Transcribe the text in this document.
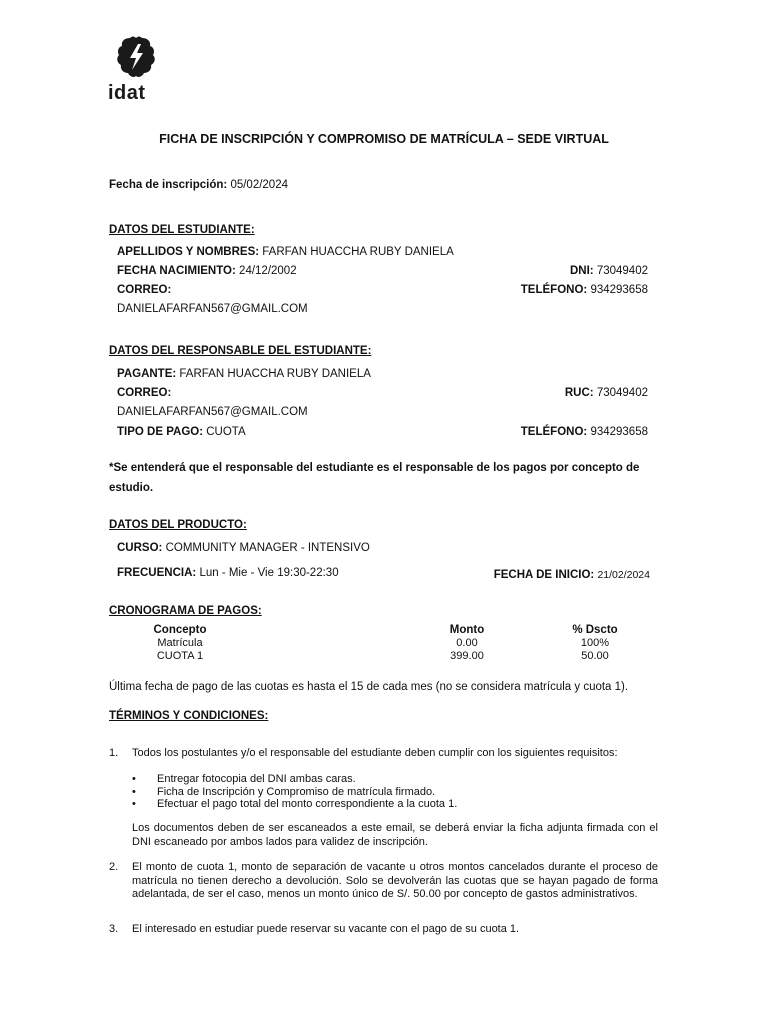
idat
FICHA DE INSCRIPCIÓN Y COMPROMISO DE MATRÍCULA – SEDE VIRTUAL
Fecha de inscripción: 05/02/2024
DATOS DEL ESTUDIANTE:
APELLIDOS Y NOMBRES: FARFAN HUACCHA RUBY DANIELA
FECHA NACIMIENTO: 24/12/2002	DNI: 73049402
CORREO:	TELÉFONO: 934293658
DANIELAFARFAN567@GMAIL.COM
DATOS DEL RESPONSABLE DEL ESTUDIANTE:
PAGANTE: FARFAN HUACCHA RUBY DANIELA
CORREO:	RUC: 73049402
DANIELAFARFAN567@GMAIL.COM
TIPO DE PAGO: CUOTA	TELÉFONO: 934293658
*Se entenderá que el responsable del estudiante es el responsable de los pagos por concepto de
estudio.
DATOS DEL PRODUCTO:
CURSO: COMMUNITY MANAGER - INTENSIVO
FRECUENCIA: Lun - Mie - Vie 19:30-22:30	FECHA DE INICIO: 21/02/2024
CRONOGRAMA DE PAGOS:
Concepto	Monto	% Dscto
Matrícula	0.00	100%
CUOTA 1	399.00	50.00
Última fecha de pago de las cuotas es hasta el 15 de cada mes (no se considera matrícula y cuota 1).
TÉRMINOS Y CONDICIONES:
1. Todos los postulantes y/o el responsable del estudiante deben cumplir con los siguientes requisitos:
• Entregar fotocopia del DNI ambas caras.
• Ficha de Inscripción y Compromiso de matrícula firmado.
• Efectuar el pago total del monto correspondiente a la cuota 1.
Los documentos deben de ser escaneados a este email, se deberá enviar la ficha adjunta firmada con el DNI escaneado por ambos lados para validez de inscripción.
2. El monto de cuota 1, monto de separación de vacante u otros montos cancelados durante el proceso de matrícula no tienen derecho a devolución. Solo se devolverán las cuotas que se hayan pagado de forma adelantada, de ser el caso, menos un monto único de S/. 50.00 por concepto de gastos administrativos.
3. El interesado en estudiar puede reservar su vacante con el pago de su cuota 1.
